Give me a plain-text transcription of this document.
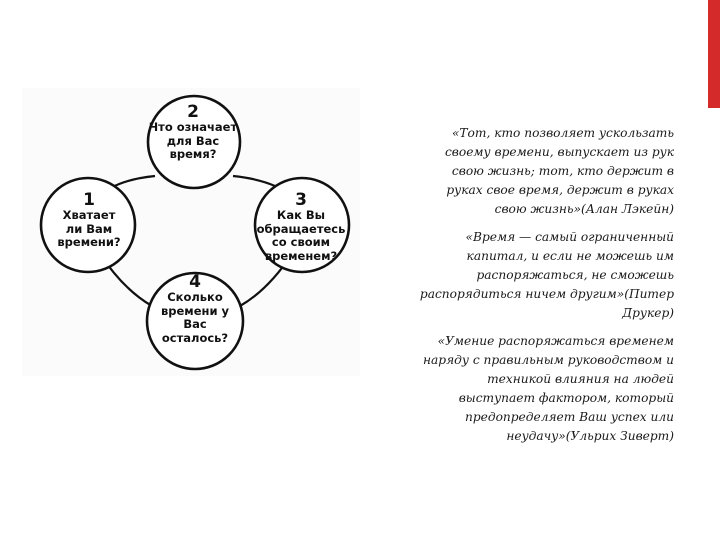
2
Что означает
для Вас
время?
1
Хватает
ли Вам
времени?
3
Как Вы
обращаетесь
со своим
временем?
4
Сколько
времени у
Вас
осталось?

«Тот, кто позволяет ускользать своему времени, выпускает из рук свою жизнь; тот, кто держит в руках свое время, держит в руках свою жизнь»(Алан Лэкейн)

«Время — самый ограниченный капитал, и если не можешь им распоряжаться, не сможешь распорядиться ничем другим»(Питер Друкер)

«Умение распоряжаться временем наряду с правильным руководством и техникой влияния на людей выступает фактором, который предопределяет Ваш успех или неудачу»(Ульрих Зиверт)
